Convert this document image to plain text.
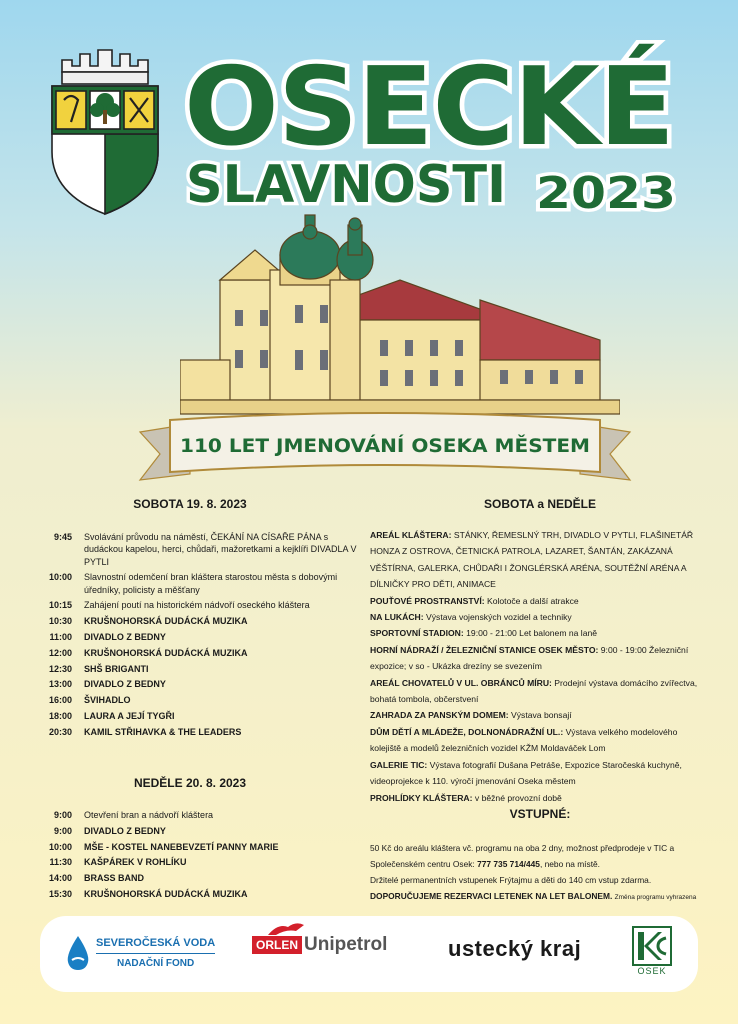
OSECKÉ
SLAVNOSTI 2023
110 LET JMENOVÁNÍ OSEKA MĚSTEM
SOBOTA 19. 8. 2023
9:45	Svolávání průvodu na náměstí, ČEKÁNÍ NA CÍSAŘE PÁNA s dudáckou kapelou, herci, chůdaři, mažoretkami a kejklíři DIVADLA V PYTLI
10:00	Slavnostní odemčení bran kláštera starostou města s dobovými úředníky, policisty a měšťany
10:15	Zahájení poutí na historickém nádvoří oseckého kláštera
10:30	KRUŠNOHORSKÁ DUDÁCKÁ MUZIKA
11:00	DIVADLO Z BEDNY
12:00	KRUŠNOHORSKÁ DUDÁCKÁ MUZIKA
12:30	SHŠ BRIGANTI
13:00	DIVADLO Z BEDNY
16:00	ŠVIHADLO
18:00	LAURA A JEJÍ TYGŘI
20:30	KAMIL STŘIHAVKA & THE LEADERS
NEDĚLE 20. 8. 2023
9:00	Otevření bran a nádvoří kláštera
9:00	DIVADLO Z BEDNY
10:00	MŠE - KOSTEL NANEBEVZETÍ PANNY MARIE
11:30	KAŠPÁREK V ROHLÍKU
14:00	BRASS BAND
15:30	KRUŠNOHORSKÁ DUDÁCKÁ MUZIKA
SOBOTA a NEDĚLE

AREÁL KLÁŠTERA: STÁNKY, ŘEMESLNÝ TRH, DIVADLO V PYTLI, FLAŠINETÁŘ HONZA Z OSTROVA, ČETNICKÁ PATROLA, LAZARET, ŠANTÁN, ZAKÁZANÁ VĚŠTÍRNA, GALERKA, CHŮDAŘI I ŽONGLÉRSKÁ ARÉNA, SOUTĚŽNÍ ARÉNA A DÍLNIČKY PRO DĚTI, ANIMACE

POUŤOVÉ PROSTRANSTVÍ: Kolotoče a další atrakce

NA LUKÁCH: Výstava vojenských vozidel a techniky

SPORTOVNÍ STADION: 19:00 - 21:00 Let balonem na laně

HORNÍ NÁDRAŽÍ / ŽELEZNIČNÍ STANICE OSEK MĚSTO: 9:00 - 19:00 Železniční expozice; v so - Ukázka drezíny se svezením

AREÁL CHOVATELŮ V UL. OBRÁNCŮ MÍRU: Prodejní výstava domácího zvířectva, bohatá tombola, občerstvení

ZAHRADA ZA PANSKÝM DOMEM: Výstava bonsají

DŮM DĚTÍ A MLÁDEŽE, DOLNONÁDRAŽNÍ UL.: Výstava velkého modelového kolejiště a modelů železničních vozidel KŽM Moldaváček Lom

GALERIE TIC: Výstava fotografií Dušana Petráše, Expozice Staročeská kuchyně, videoprojekce k 110. výročí jmenování Oseka městem

PROHLÍDKY KLÁŠTERA: v běžné provozní době

VSTUPNÉ:

50 Kč do areálu kláštera vč. programu na oba 2 dny, možnost předprodeje v TIC a Společenském centru Osek: 777 735 714/445, nebo na místě.

Držitelé permanentních vstupenek Frýtajmu a děti do 140 cm vstup zdarma.

DOPORUČUJEME REZERVACI LETENEK NA LET BALONEM. Změna programu vyhrazena

SEVEROČESKÁ VODA
NADAČNÍ FOND
ORLEN Unipetrol	ustecký kraj
OSEK
